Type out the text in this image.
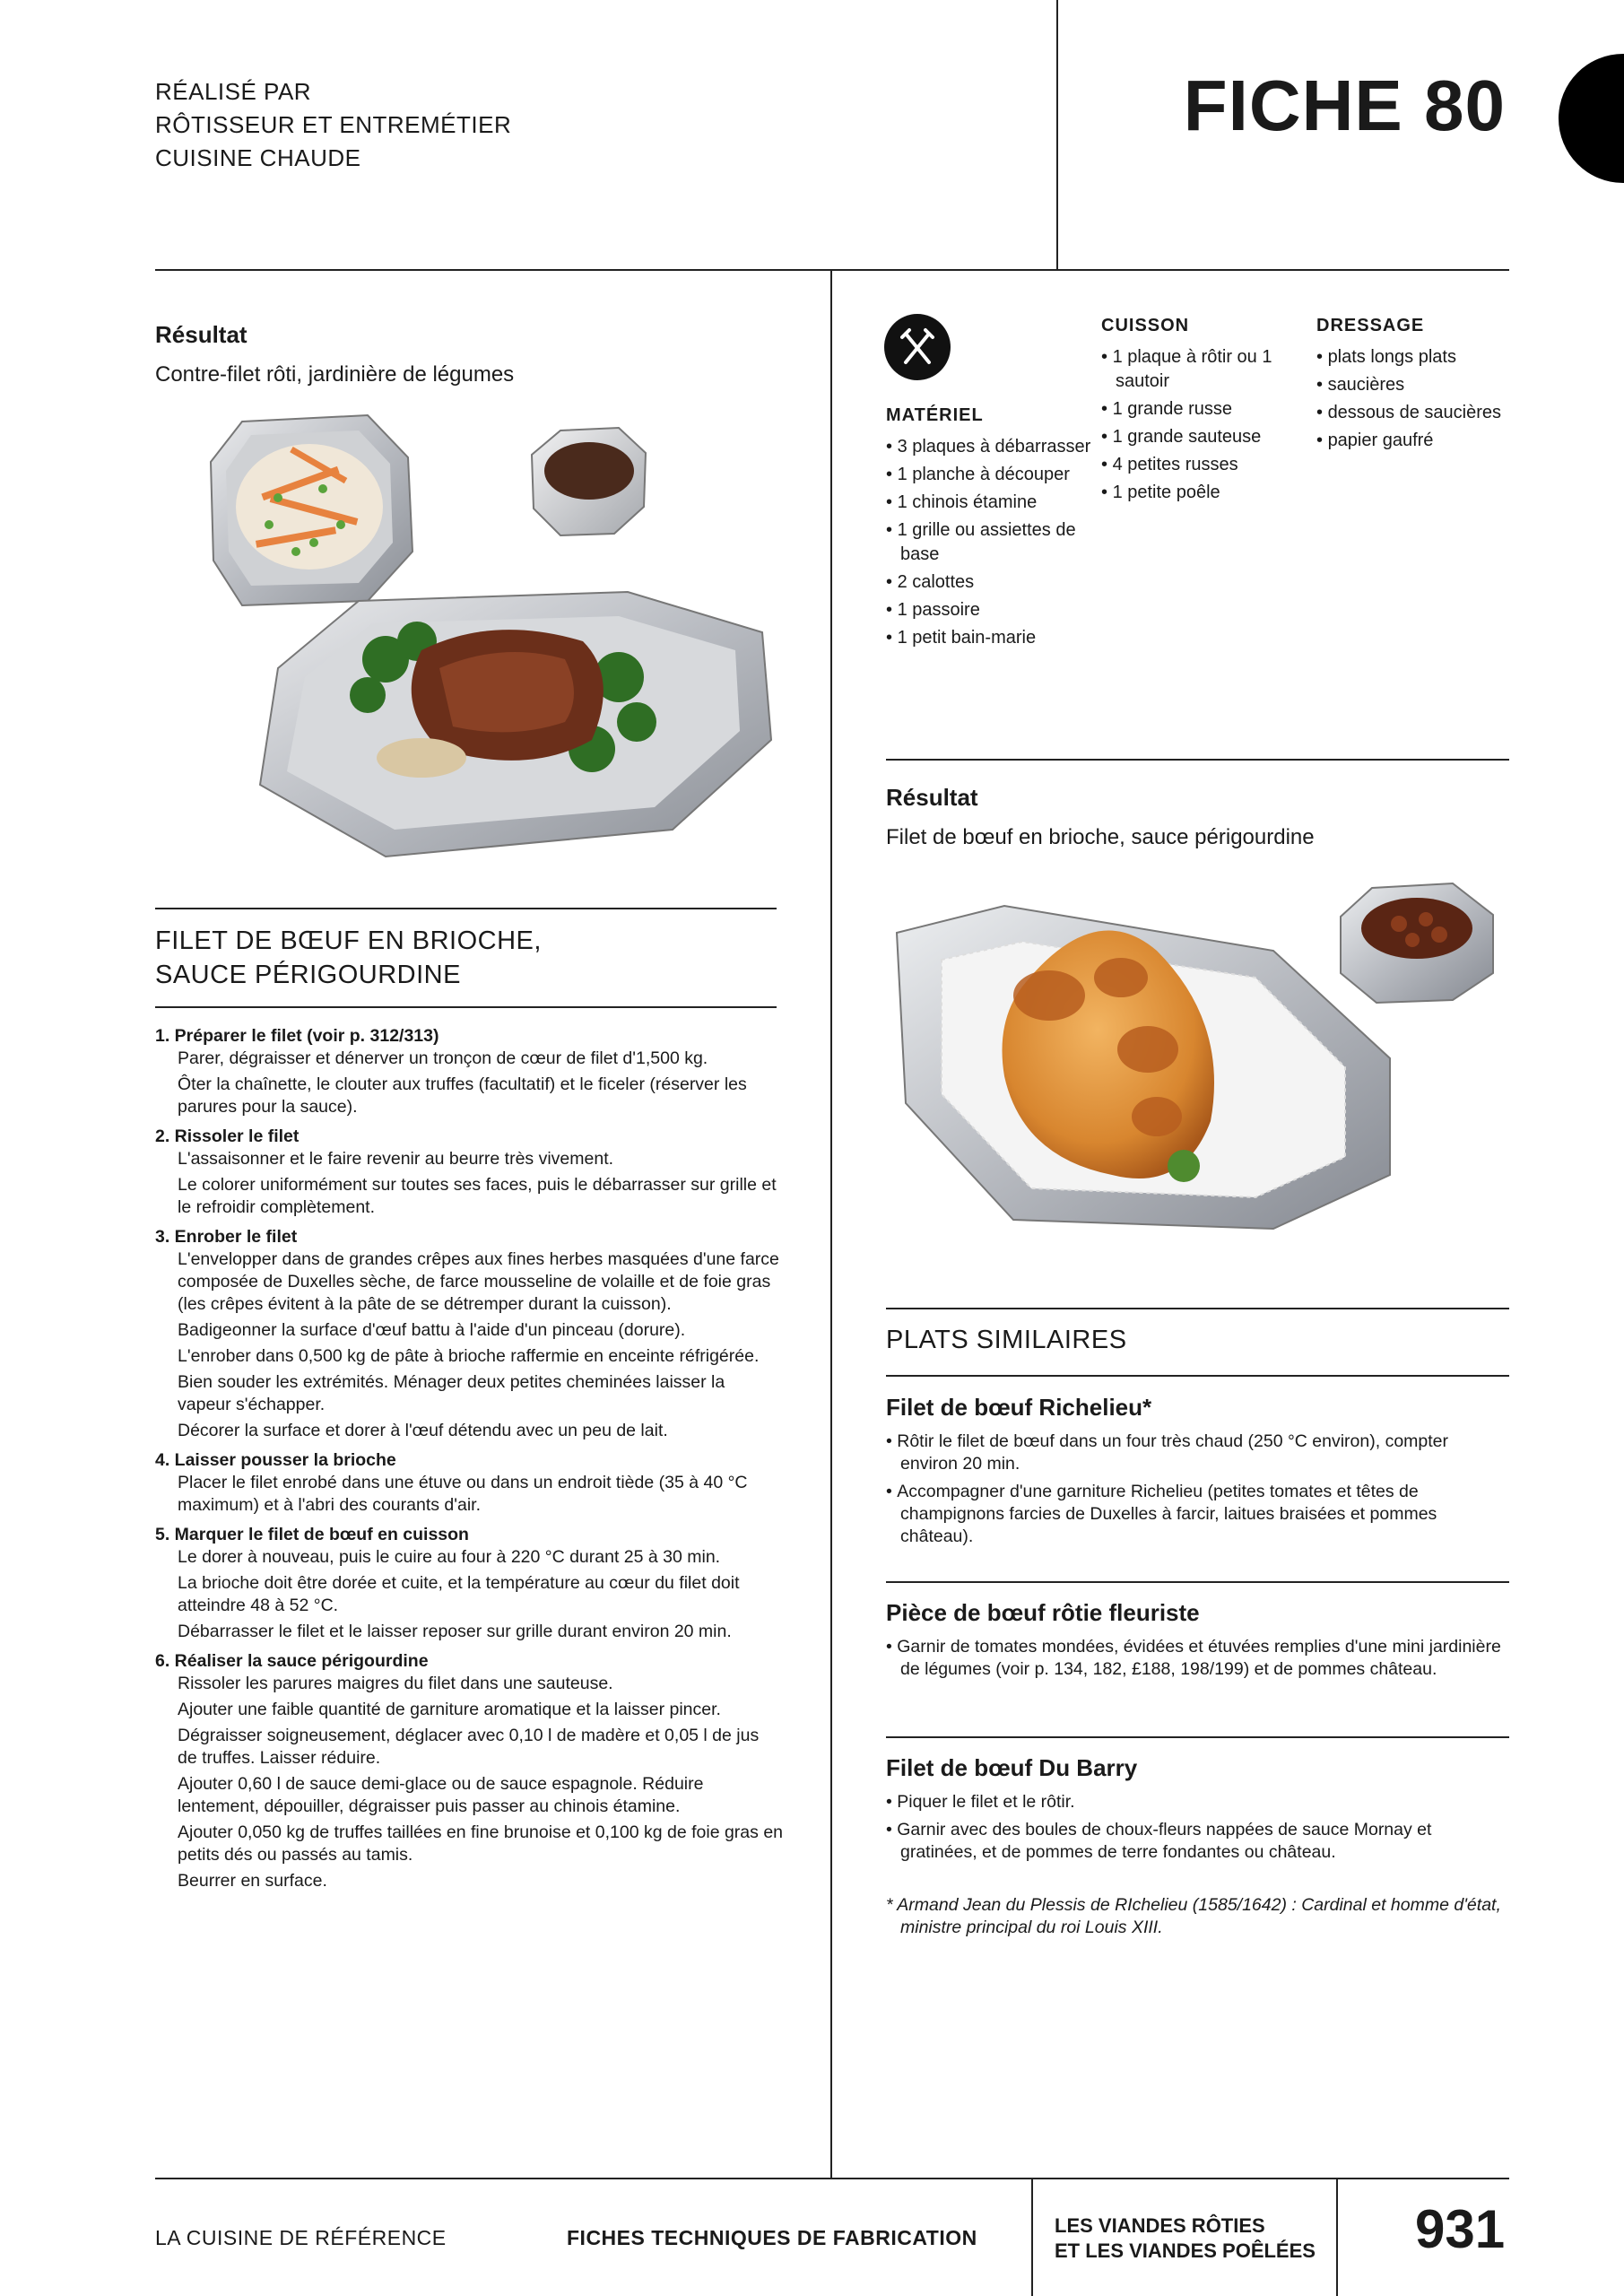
RÉALISÉ PAR
RÔTISSEUR ET ENTREMÉTIER
CUISINE CHAUDE
FICHE 80
Résultat
Contre-filet rôti, jardinière de légumes
MATÉRIEL
• 3 plaques à débarrasser
• 1 planche à découper
• 1 chinois étamine
• 1 grille ou assiettes de base
• 2 calottes
• 1 passoire
• 1 petit bain-marie
CUISSON
• 1 plaque à rôtir ou 1 sautoir
• 1 grande russe
• 1 grande sauteuse
• 4 petites russes
• 1 petite poêle
DRESSAGE
• plats longs plats
• saucières
• dessous de saucières
• papier gaufré
Résultat
Filet de bœuf en brioche, sauce périgourdine
FILET DE BŒUF EN BRIOCHE,
SAUCE PÉRIGOURDINE
1. Préparer le filet (voir p. 312/313)

Parer, dégraisser et dénerver un tronçon de cœur de filet d'1,500 kg.

Ôter la chaînette, le clouter aux truffes (facultatif) et le ficeler (réserver les parures pour la sauce).

2. Rissoler le filet

L'assaisonner et le faire revenir au beurre très vivement.

Le colorer uniformément sur toutes ses faces, puis le débarrasser sur grille et le refroidir complètement.

3. Enrober le filet

L'envelopper dans de grandes crêpes aux fines herbes masquées d'une farce composée de Duxelles sèche, de farce mousseline de volaille et de foie gras (les crêpes évitent à la pâte de se détremper durant la cuisson).

Badigeonner la surface d'œuf battu à l'aide d'un pinceau (dorure).

L'enrober dans 0,500 kg de pâte à brioche raffermie en enceinte réfrigérée.

Bien souder les extrémités. Ménager deux petites cheminées laisser la vapeur s'échapper.

Décorer la surface et dorer à l'œuf détendu avec un peu de lait.

4. Laisser pousser la brioche

Placer le filet enrobé dans une étuve ou dans un endroit tiède (35 à 40 °C maximum) et à l'abri des courants d'air.

5. Marquer le filet de bœuf en cuisson

Le dorer à nouveau, puis le cuire au four à 220 °C durant 25 à 30 min.

La brioche doit être dorée et cuite, et la température au cœur du filet doit atteindre 48 à 52 °C.

Débarrasser le filet et le laisser reposer sur grille durant environ 20 min.

6. Réaliser la sauce périgourdine

Rissoler les parures maigres du filet dans une sauteuse.

Ajouter une faible quantité de garniture aromatique et la laisser pincer.

Dégraisser soigneusement, déglacer avec 0,10 l de madère et 0,05 l de jus de truffes. Laisser réduire.

Ajouter 0,60 l de sauce demi-glace ou de sauce espagnole. Réduire lentement, dépouiller, dégraisser puis passer au chinois étamine.

Ajouter 0,050 kg de truffes taillées en fine brunoise et 0,100 kg de foie gras en petits dés ou passés au tamis.

Beurrer en surface.

PLATS SIMILAIRES
Filet de bœuf Richelieu*
• Rôtir le filet de bœuf dans un four très chaud (250 °C environ), compter environ 20 min.
• Accompagner d'une garniture Richelieu (petites tomates et têtes de champignons farcies de Duxelles à farcir, laitues braisées et pommes château).
Pièce de bœuf rôtie fleuriste
• Garnir de tomates mondées, évidées et étuvées remplies d'une mini jardinière de légumes (voir p. 134, 182, £188, 198/199) et de pommes château.
Filet de bœuf Du Barry
• Piquer le filet et le rôtir.
• Garnir avec des boules de choux-fleurs nappées de sauce Mornay et gratinées, et de pommes de terre fondantes ou château.
* Armand Jean du Plessis de RIchelieu (1585/1642) : Cardinal et homme d'état, ministre principal du roi Louis XIII.
LA CUISINE DE RÉFÉRENCE	FICHES TECHNIQUES DE FABRICATION
LES VIANDES RÔTIES
ET LES VIANDES POÊLÉES 931
